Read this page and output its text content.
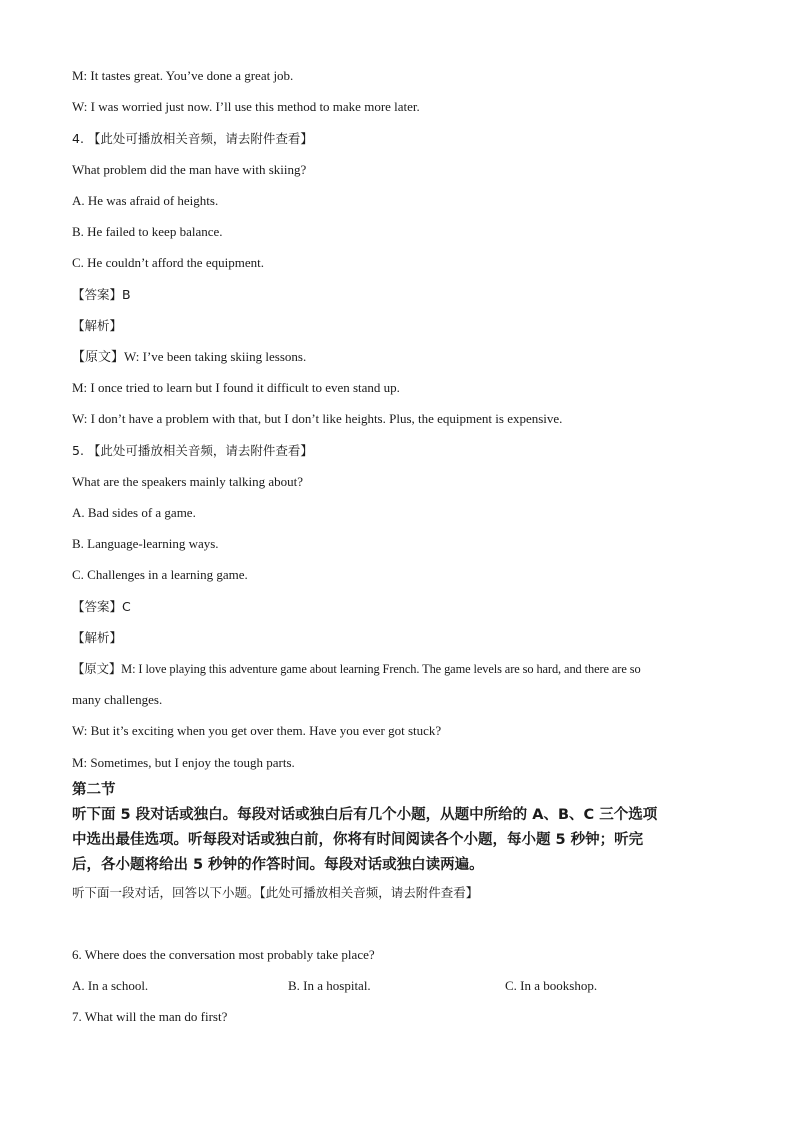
M: It tastes great. You’ve done a great job.
W: I was worried just now. I’ll use this method to make more later.
4. 【此处可播放相关音频，请去附件查看】
What problem did the man have with skiing?
A. He was afraid of heights.
B. He failed to keep balance.
C. He couldn’t afford the equipment.
【答案】B
【解析】
【原文】W: I’ve been taking skiing lessons.
M: I once tried to learn but I found it difficult to even stand up.
W: I don’t have a problem with that, but I don’t like heights. Plus, the equipment is expensive.
5. 【此处可播放相关音频，请去附件查看】
What are the speakers mainly talking about?
A. Bad sides of a game.
B. Language-learning ways.
C. Challenges in a learning game.
【答案】C
【解析】
【原文】M: I love playing this adventure game about learning French. The game levels are so hard, and there are so
many challenges.
W: But it’s exciting when you get over them. Have you ever got stuck?
M: Sometimes, but I enjoy the tough parts.
第二节
听下面 5 段对话或独白。每段对话或独白后有几个小题，从题中所给的 A、B、C 三个选项
中选出最佳选项。听每段对话或独白前，你将有时间阅读各个小题，每小题 5 秒钟；听完
后，各小题将给出 5 秒钟的作答时间。每段对话或独白读两遍。
听下面一段对话，回答以下小题。【此处可播放相关音频，请去附件查看】
6. Where does the conversation most probably take place?
A. In a school.	B. In a hospital.	C. In a bookshop.
7. What will the man do first?
